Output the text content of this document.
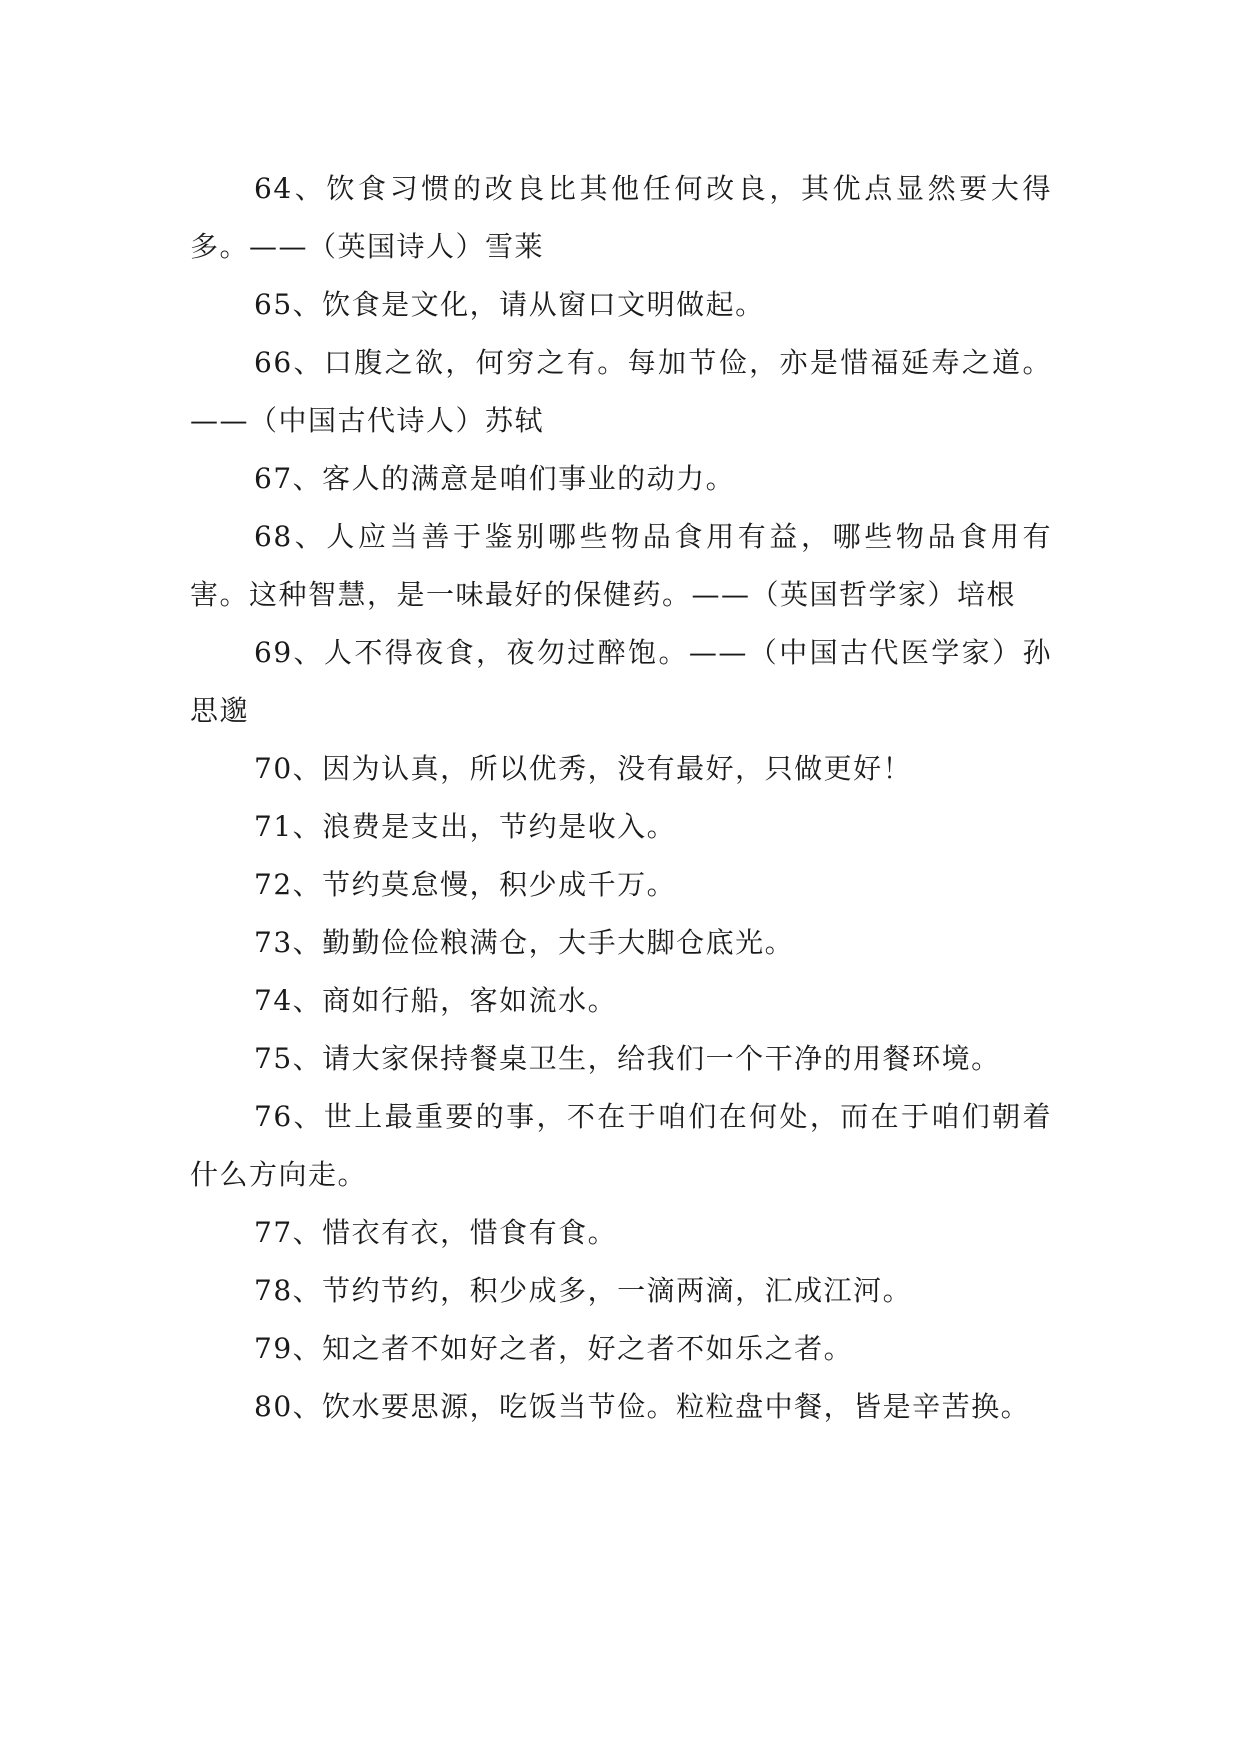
64、饮食习惯的改良比其他任何改良，其优点显然要大得多。——（英国诗人）雪莱

65、饮食是文化，请从窗口文明做起。

66、口腹之欲，何穷之有。每加节俭，亦是惜福延寿之道。——（中国古代诗人）苏轼

67、客人的满意是咱们事业的动力。

68、人应当善于鉴别哪些物品食用有益，哪些物品食用有害。这种智慧，是一味最好的保健药。——（英国哲学家）培根

69、人不得夜食，夜勿过醉饱。——（中国古代医学家）孙思邈

70、因为认真，所以优秀，没有最好，只做更好！

71、浪费是支出，节约是收入。

72、节约莫怠慢，积少成千万。

73、勤勤俭俭粮满仓，大手大脚仓底光。

74、商如行船，客如流水。

75、请大家保持餐桌卫生，给我们一个干净的用餐环境。

76、世上最重要的事，不在于咱们在何处，而在于咱们朝着什么方向走。

77、惜衣有衣，惜食有食。

78、节约节约，积少成多，一滴两滴，汇成江河。

79、知之者不如好之者，好之者不如乐之者。

80、饮水要思源，吃饭当节俭。粒粒盘中餐，皆是辛苦换。
